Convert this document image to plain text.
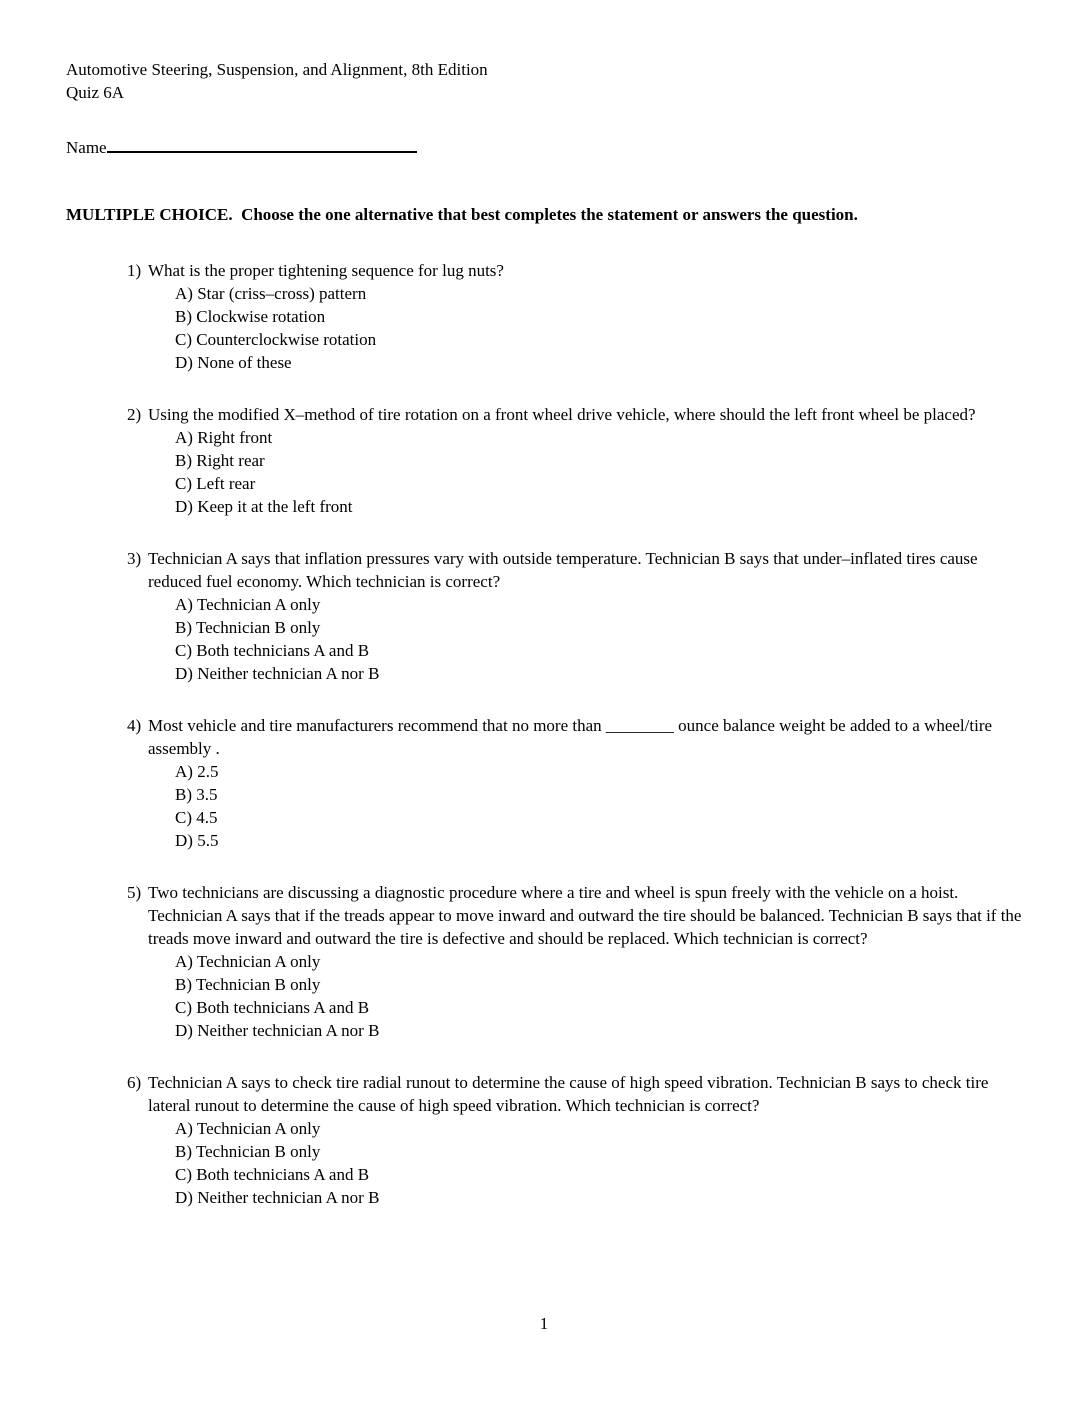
Automotive Steering, Suspension, and Alignment, 8th Edition
Quiz 6A
Name
MULTIPLE CHOICE.  Choose the one alternative that best completes the statement or answers the question.
1) What is the proper tightening sequence for lug nuts?
A) Star (criss–cross) pattern
B) Clockwise rotation
C) Counterclockwise rotation
D) None of these
2) Using the modified X–method of tire rotation on a front wheel drive vehicle, where should the left front wheel be placed?
A) Right front
B) Right rear
C) Left rear
D) Keep it at the left front
3) Technician A says that inflation pressures vary with outside temperature. Technician B says that under–inflated tires cause reduced fuel economy. Which technician is correct?
A) Technician A only
B) Technician B only
C) Both technicians A and B
D) Neither technician A nor B
4) Most vehicle and tire manufacturers recommend that no more than ________ ounce balance weight be added to a wheel/tire assembly .
A) 2.5
B) 3.5
C) 4.5
D) 5.5
5) Two technicians are discussing a diagnostic procedure where a tire and wheel is spun freely with the vehicle on a hoist. Technician A says that if the treads appear to move inward and outward the tire should be balanced. Technician B says that if the treads move inward and outward the tire is defective and should be replaced. Which technician is correct?
A) Technician A only
B) Technician B only
C) Both technicians A and B
D) Neither technician A nor B
6) Technician A says to check tire radial runout to determine the cause of high speed vibration. Technician B says to check tire lateral runout to determine the cause of high speed vibration. Which technician is correct?
A) Technician A only
B) Technician B only
C) Both technicians A and B
D) Neither technician A nor B
1
